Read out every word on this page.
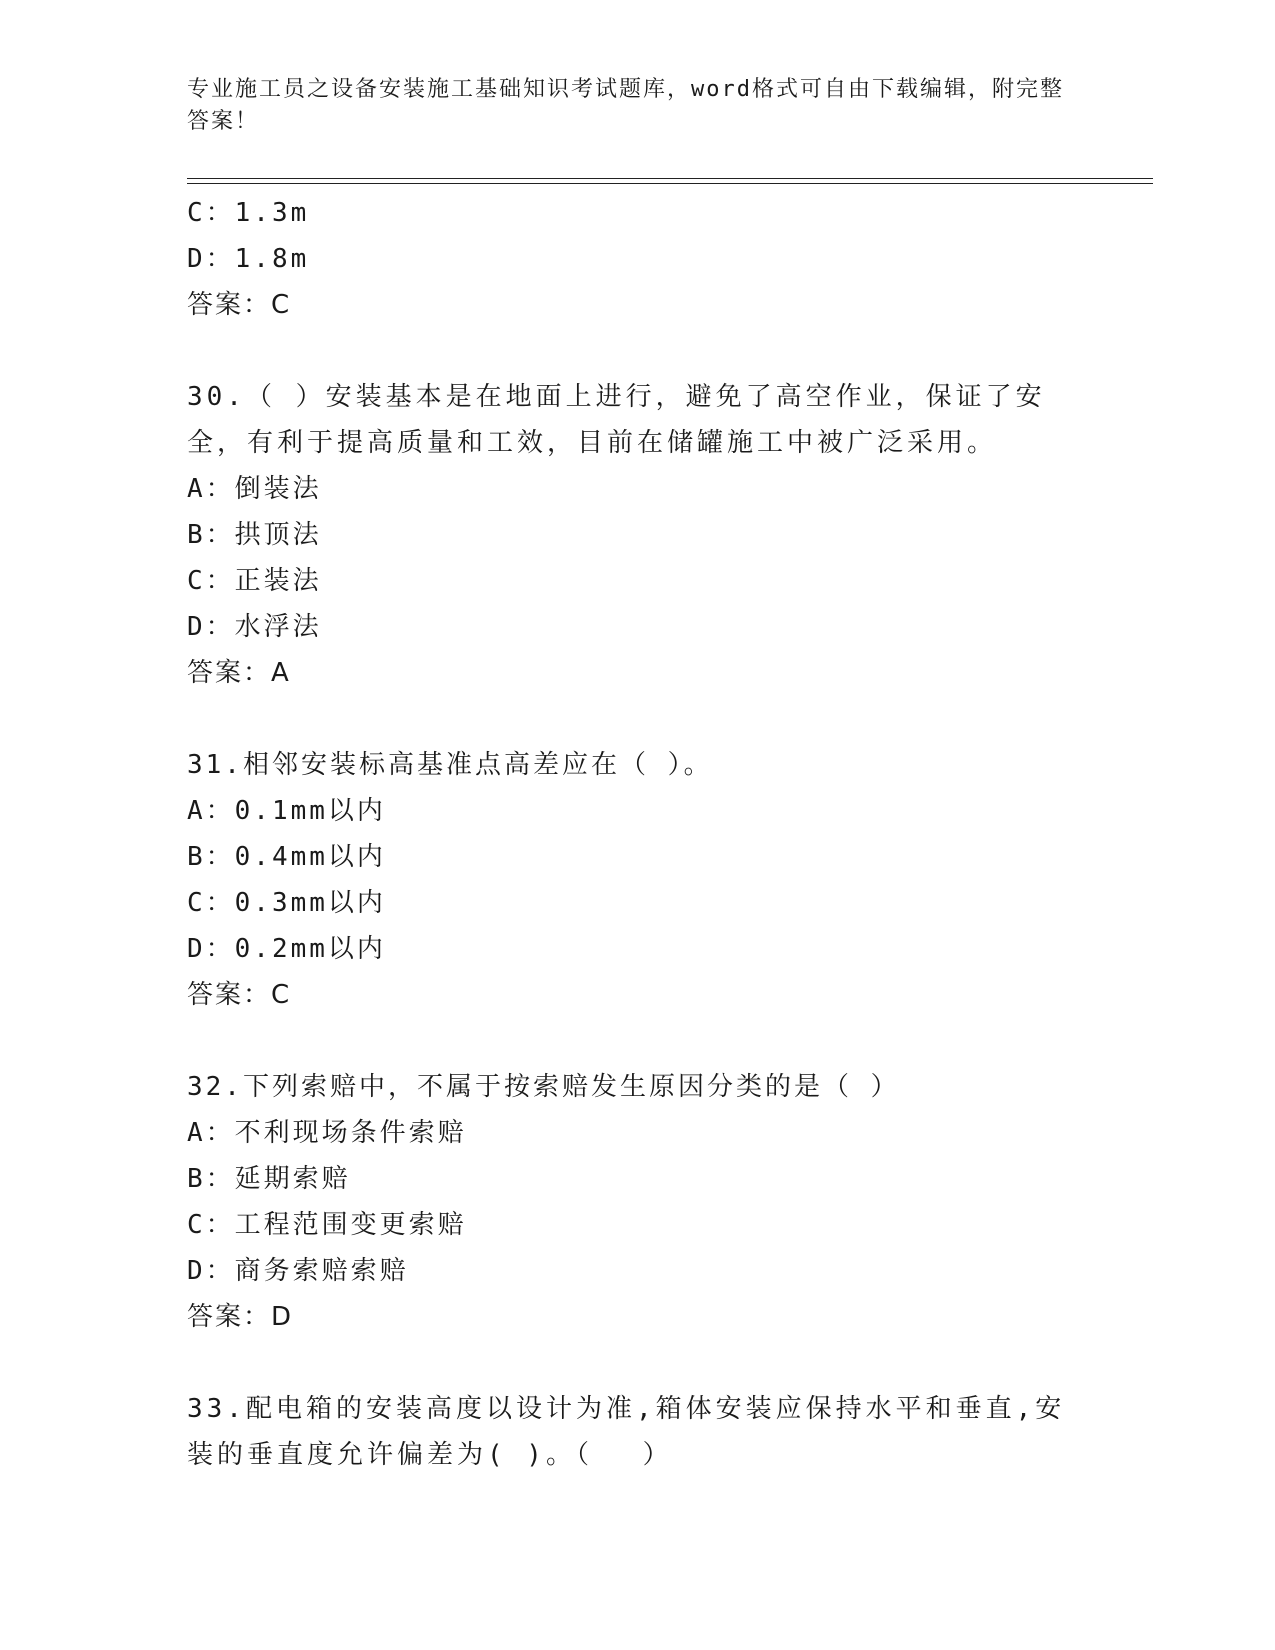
专业施工员之设备安装施工基础知识考试题库，word格式可自由下载编辑，附完整答案！
C：1.3m
D：1.8m
答案：C
30.（ ）安装基本是在地面上进行，避免了高空作业，保证了安全，有利于提高质量和工效，目前在储罐施工中被广泛采用。
A：倒装法
B：拱顶法
C：正装法
D：水浮法
答案：A
31.相邻安装标高基准点高差应在（ ）。
A：0.1mm以内
B：0.4mm以内
C：0.3mm以内
D：0.2mm以内
答案：C
32.下列索赔中，不属于按索赔发生原因分类的是（ ）
A：不利现场条件索赔
B：延期索赔
C：工程范围变更索赔
D：商务索赔索赔
答案：D
33.配电箱的安装高度以设计为准,箱体安装应保持水平和垂直,安装的垂直度允许偏差为( )。（　 ）
